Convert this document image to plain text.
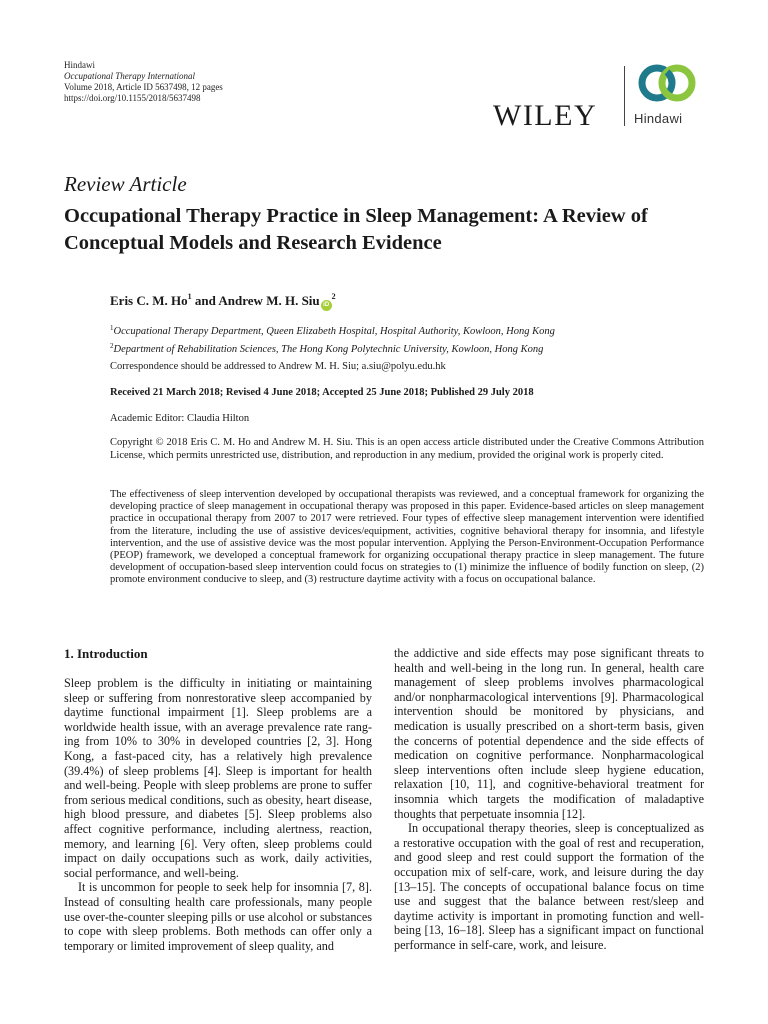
Hindawi
Occupational Therapy International
Volume 2018, Article ID 5637498, 12 pages
https://doi.org/10.1155/2018/5637498
WILEY	Hindawi
Review Article
Occupational Therapy Practice in Sleep Management: A Review of Conceptual Models and Research Evidence
Eris C. M. Ho$^1$ and Andrew M. H. Siu $iD^2$
$^1$Occupational Therapy Department, Queen Elizabeth Hospital, Hospital Authority, Kowloon, Hong Kong
$^2$Department of Rehabilitation Sciences, The Hong Kong Polytechnic University, Kowloon, Hong Kong
Correspondence should be addressed to Andrew M. H. Siu; a.siu@polyu.edu.hk
Received 21 March 2018; Revised 4 June 2018; Accepted 25 June 2018; Published 29 July 2018
Academic Editor: Claudia Hilton
Copyright © 2018 Eris C. M. Ho and Andrew M. H. Siu. This is an open access article distributed under the Creative Commons Attribution License, which permits unrestricted use, distribution, and reproduction in any medium, provided the original work is properly cited.
The effectiveness of sleep intervention developed by occupational therapists was reviewed, and a conceptual framework for organizing the developing practice of sleep management in occupational therapy was proposed in this paper. Evidence-based articles on sleep management practice in occupational therapy from 2007 to 2017 were retrieved. Four types of effective sleep management intervention were identified from the literature, including the use of assistive devices/equipment, activities, cognitive behavioral therapy for insomnia, and lifestyle intervention, and the use of assistive device was the most popular intervention. Applying the Person-Environment-Occupation Performance (PEOP) framework, we developed a conceptual framework for organizing occupational therapy practice in sleep management. The future development of occupation-based sleep intervention could focus on strategies to (1) minimize the influence of bodily function on sleep, (2) promote environment conducive to sleep, and (3) restructure daytime activity with a focus on occupational balance.
1. Introduction

Sleep problem is the difficulty in initiating or maintaining sleep or suffering from nonrestorative sleep accompanied by daytime functional impairment [1]. Sleep problems are a worldwide health issue, with an average prevalence rate ranging from 10% to 30% in developed countries [2, 3]. Hong Kong, a fast-paced city, has a relatively high prevalence (39.4%) of sleep problems [4]. Sleep is important for health and well-being. People with sleep problems are prone to suffer from serious medical conditions, such as obesity, heart disease, high blood pressure, and diabetes [5]. Sleep problems also affect cognitive performance, including alertness, reaction, memory, and learning [6]. Very often, sleep problems could impact on daily occupations such as work, daily activities, social performance, and well-being.

It is uncommon for people to seek help for insomnia [7, 8]. Instead of consulting health care professionals, many people use over-the-counter sleeping pills or use alcohol or substances to cope with sleep problems. Both methods can offer only a temporary or limited improvement of sleep quality, and

the addictive and side effects may pose significant threats to health and well-being in the long run. In general, health care management of sleep problems involves pharmacological and/or nonpharmacological interventions [9]. Pharmacological intervention should be monitored by physicians, and medication is usually prescribed on a short-term basis, given the concerns of potential dependence and the side effects of medication on cognitive performance. Nonpharmacological sleep interventions often include sleep hygiene education, relaxation [10, 11], and cognitive-behavioral treatment for insomnia which targets the modification of maladaptive thoughts that perpetuate insomnia [12].

In occupational therapy theories, sleep is conceptualized as a restorative occupation with the goal of rest and recuperation, and good sleep and rest could support the formation of the occupation mix of self-care, work, and leisure during the day [13–15]. The concepts of occupational balance focus on time use and suggest that the balance between rest/sleep and daytime activity is important in promoting function and well-being [13, 16–18]. Sleep has a significant impact on functional performance in self-care, work, and leisure.
